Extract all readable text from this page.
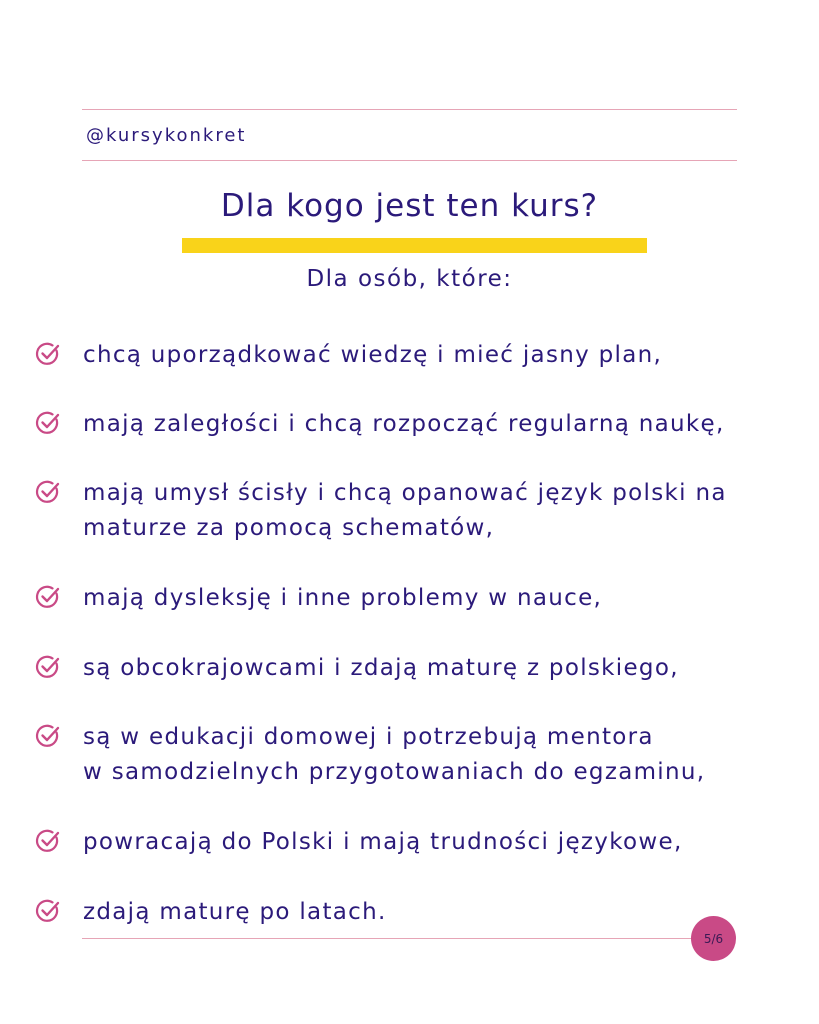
@kursykonkret
Dla kogo jest ten kurs?
Dla osób, które:
chcą uporządkować wiedzę i mieć jasny plan,
mają zaległości i chcą rozpocząć regularną naukę,
mają umysł ścisły i chcą opanować język polski na
maturze za pomocą schematów,
mają dysleksję i inne problemy w nauce,
są obcokrajowcami i zdają maturę z polskiego,
są w edukacji domowej i potrzebują mentora
w samodzielnych przygotowaniach do egzaminu,
powracają do Polski i mają trudności językowe,
zdają maturę po latach.
5/6
